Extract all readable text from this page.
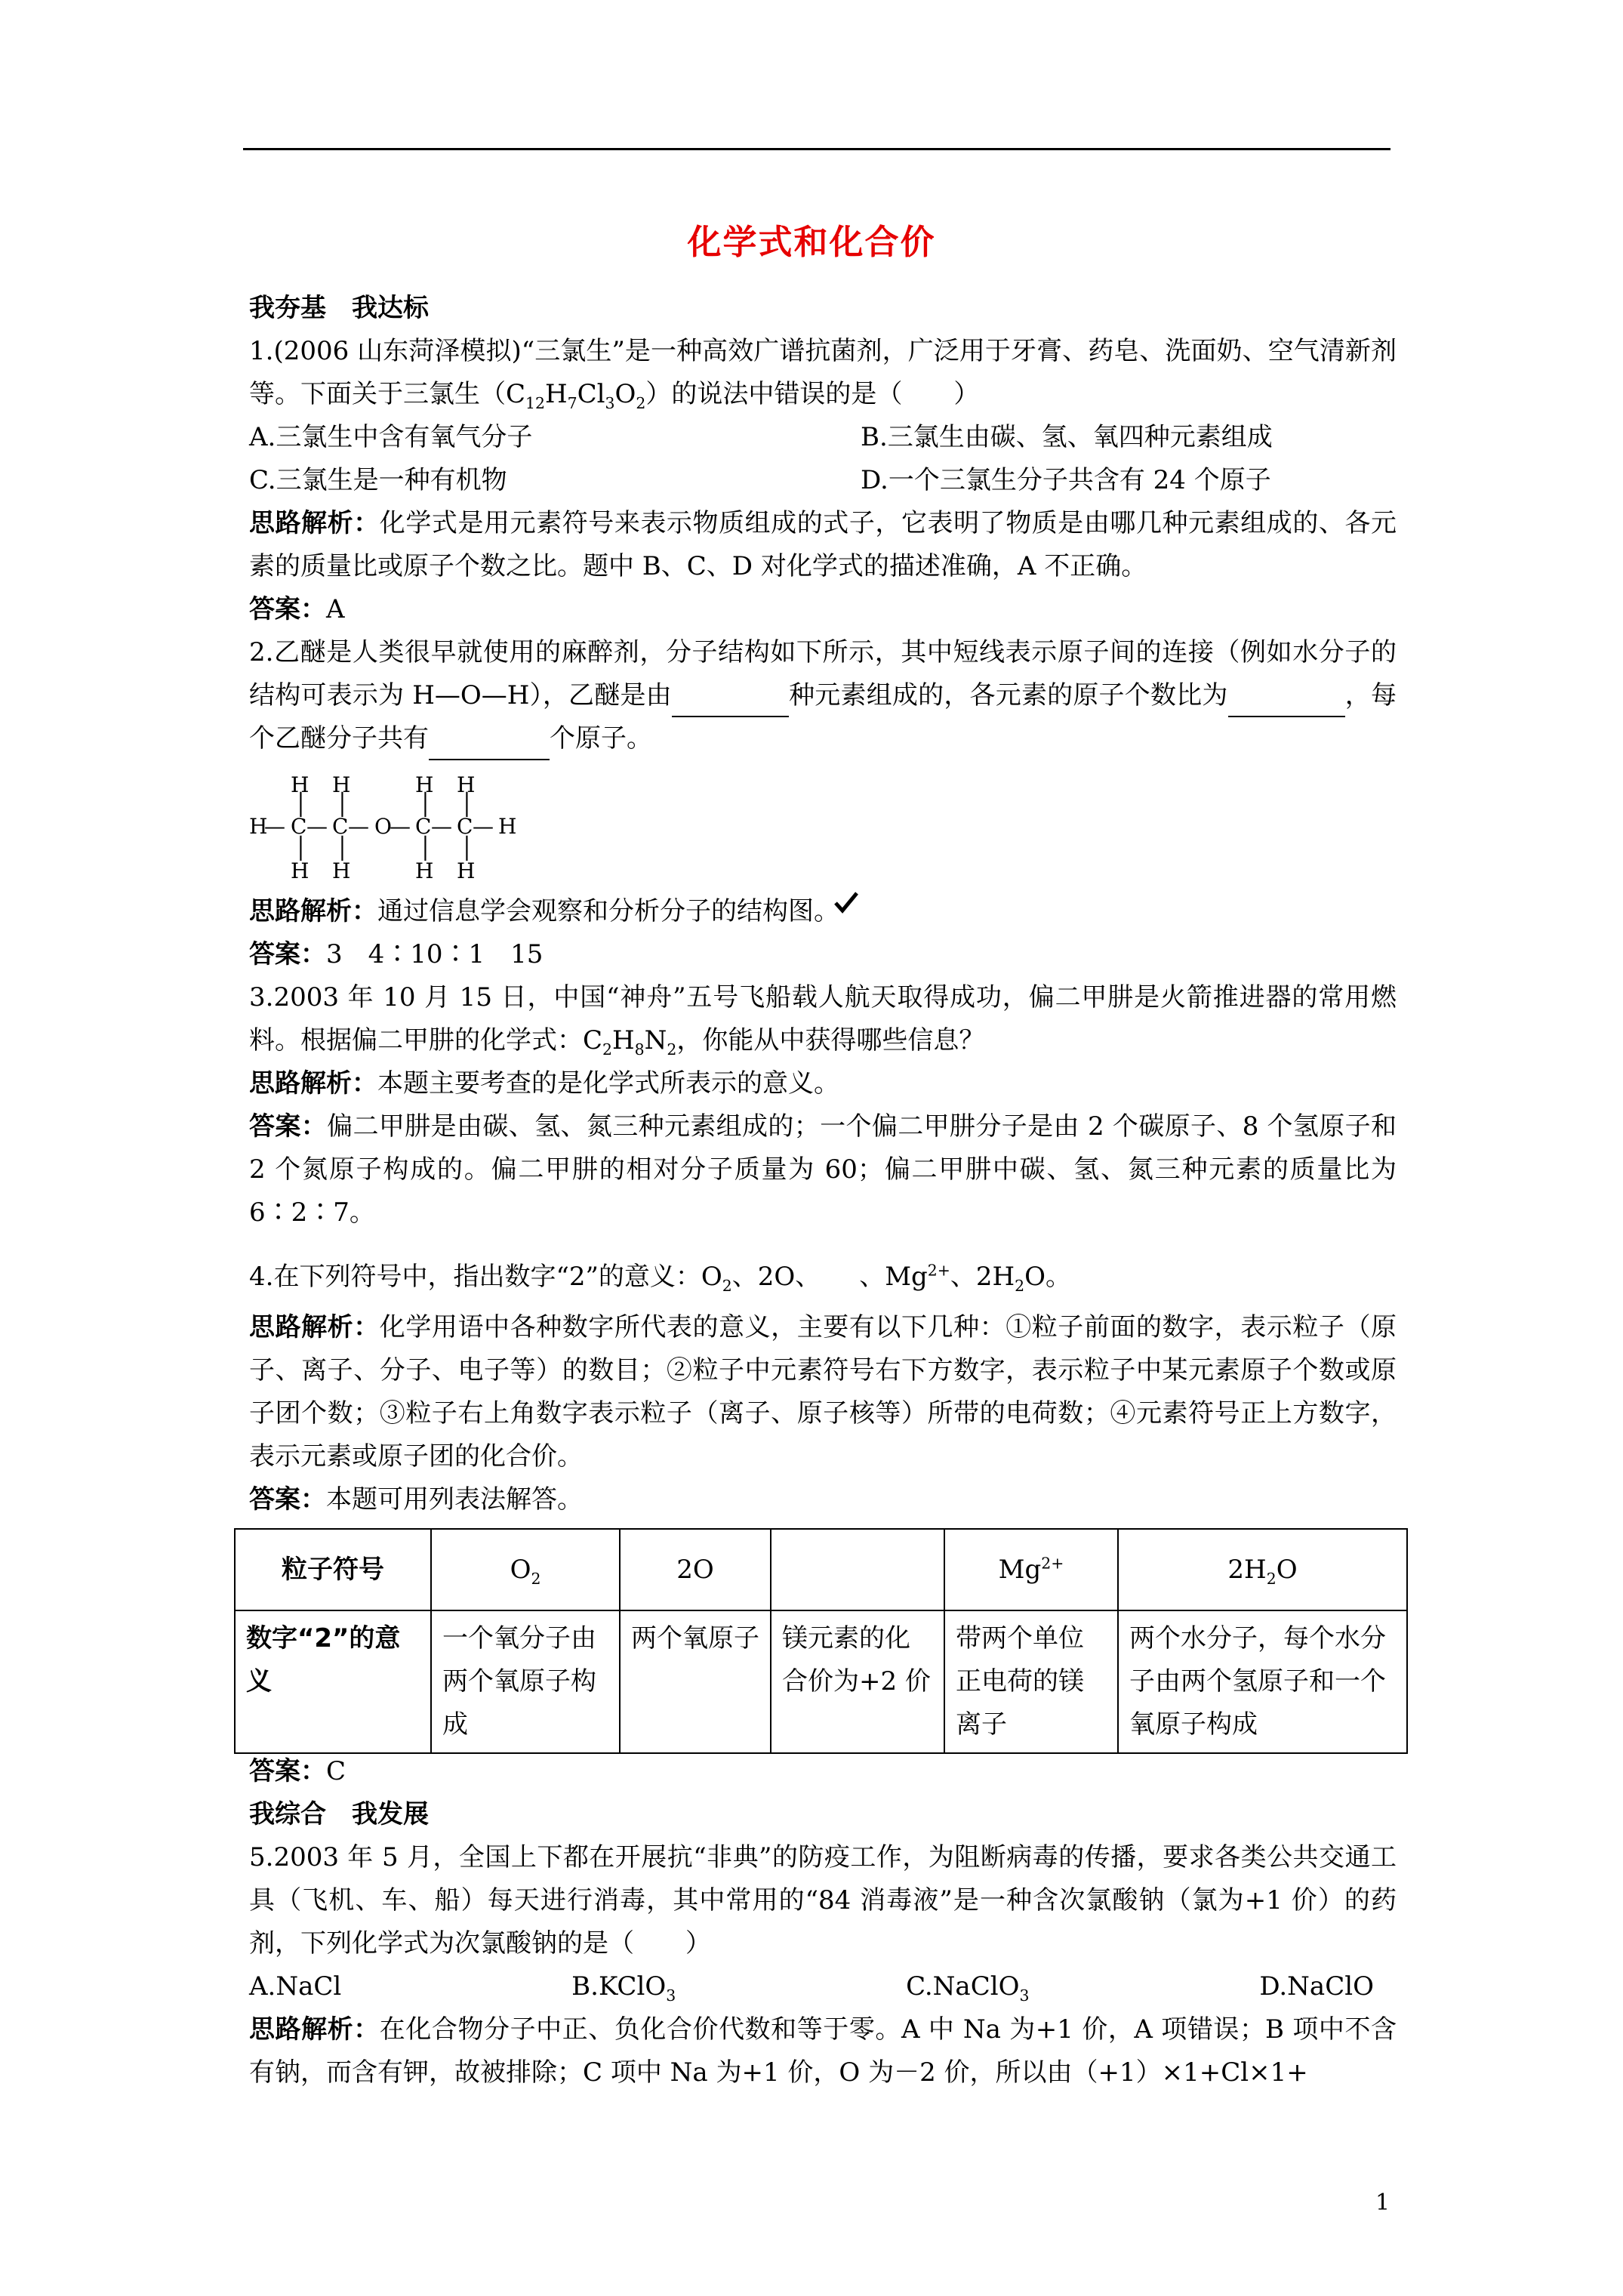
化学式和化合价

我夯基　我达标

1.(2006 山东菏泽模拟)“三氯生”是一种高效广谱抗菌剂，广泛用于牙膏、药皂、洗面奶、空气清新剂等。下面关于三氯生$(C_{12}H_7Cl_3O_2)$的说法中错误的是（　　）

A.三氯生中含有氧气分子	B.三氯生由碳、氢、氧四种元素组成
C.三氯生是一种有机物	D.一个三氯生分子共含有 24 个原子

思路解析：化学式是用元素符号来表示物质组成的式子，它表明了物质是由哪几种元素组成的、各元素的质量比或原子个数之比。题中 B、C、D 对化学式的描述准确，A 不正确。

答案：A

2.乙醚是人类很早就使用的麻醉剂，分子结构如下所示，其中短线表示原子间的连接（例如水分子的结构可表示为 H—O—H），乙醚是由	种元素组成的，各元素的原子个数比为	，每个乙醚分子共有	个原子。

H H	H H
│ │	│ │
H
— C — C — O
— C — C — H
│ │	│ │
H H	H H

思路解析：通过信息学会观察和分析分子的结构图。

答案：3　4∶10∶1　15

3.2003 年 10 月 15 日，中国“神舟”五号飞船载人航天取得成功，偏二甲肼是火箭推进器的常用燃料。根据偏二甲肼的化学式：$C_2H_8N_2$，你能从中获得哪些信息？

思路解析：本题主要考查的是化学式所表示的意义。

答案：偏二甲肼是由碳、氢、氮三种元素组成的；一个偏二甲肼分子是由 2 个碳原子、8 个氢原子和 2 个氮原子构成的。偏二甲肼的相对分子质量为 60；偏二甲肼中碳、氢、氮三种元素的质量比为 6∶2∶7。

4.在下列符号中，指出数字“2”的意义：$O_2$、2O、　　、$Mg^{2+}$、$2H_2O$。

思路解析：化学用语中各种数字所代表的意义，主要有以下几种：①粒子前面的数字，表示粒子（原子、离子、分子、电子等）的数目；②粒子中元素符号右下方数字，表示粒子中某元素原子个数或原子团个数；③粒子右上角数字表示粒子（离子、原子核等）所带的电荷数；④元素符号正上方数字，表示元素或原子团的化合价。

答案：本题可用列表法解答。

粒子符号	$O_2$	2O		$Mg^{2+}$	$2H_2O$
数字“2”的意义	一个氧分子由两个氧原子构成	两个氧原子	镁元素的化合价为+2 价	带两个单位正电荷的镁离子	两个水分子，每个水分子由两个氢原子和一个氧原子构成

答案：C

我综合　我发展

5.2003 年 5 月，全国上下都在开展抗“非典”的防疫工作，为阻断病毒的传播，要求各类公共交通工具（飞机、车、船）每天进行消毒，其中常用的“84 消毒液”是一种含次氯酸钠（氯为+1 价）的药剂，下列化学式为次氯酸钠的是（　　）

A.NaCl	B.KClO$_3$	C.NaClO$_3$	D.NaClO

思路解析：在化合物分子中正、负化合价代数和等于零。A 中 Na 为+1 价，A 项错误；B 项中不含有钠，而含有钾，故被排除；C 项中 Na 为+1 价，O 为－2 价，所以由（+1）×1+Cl×1+

1
